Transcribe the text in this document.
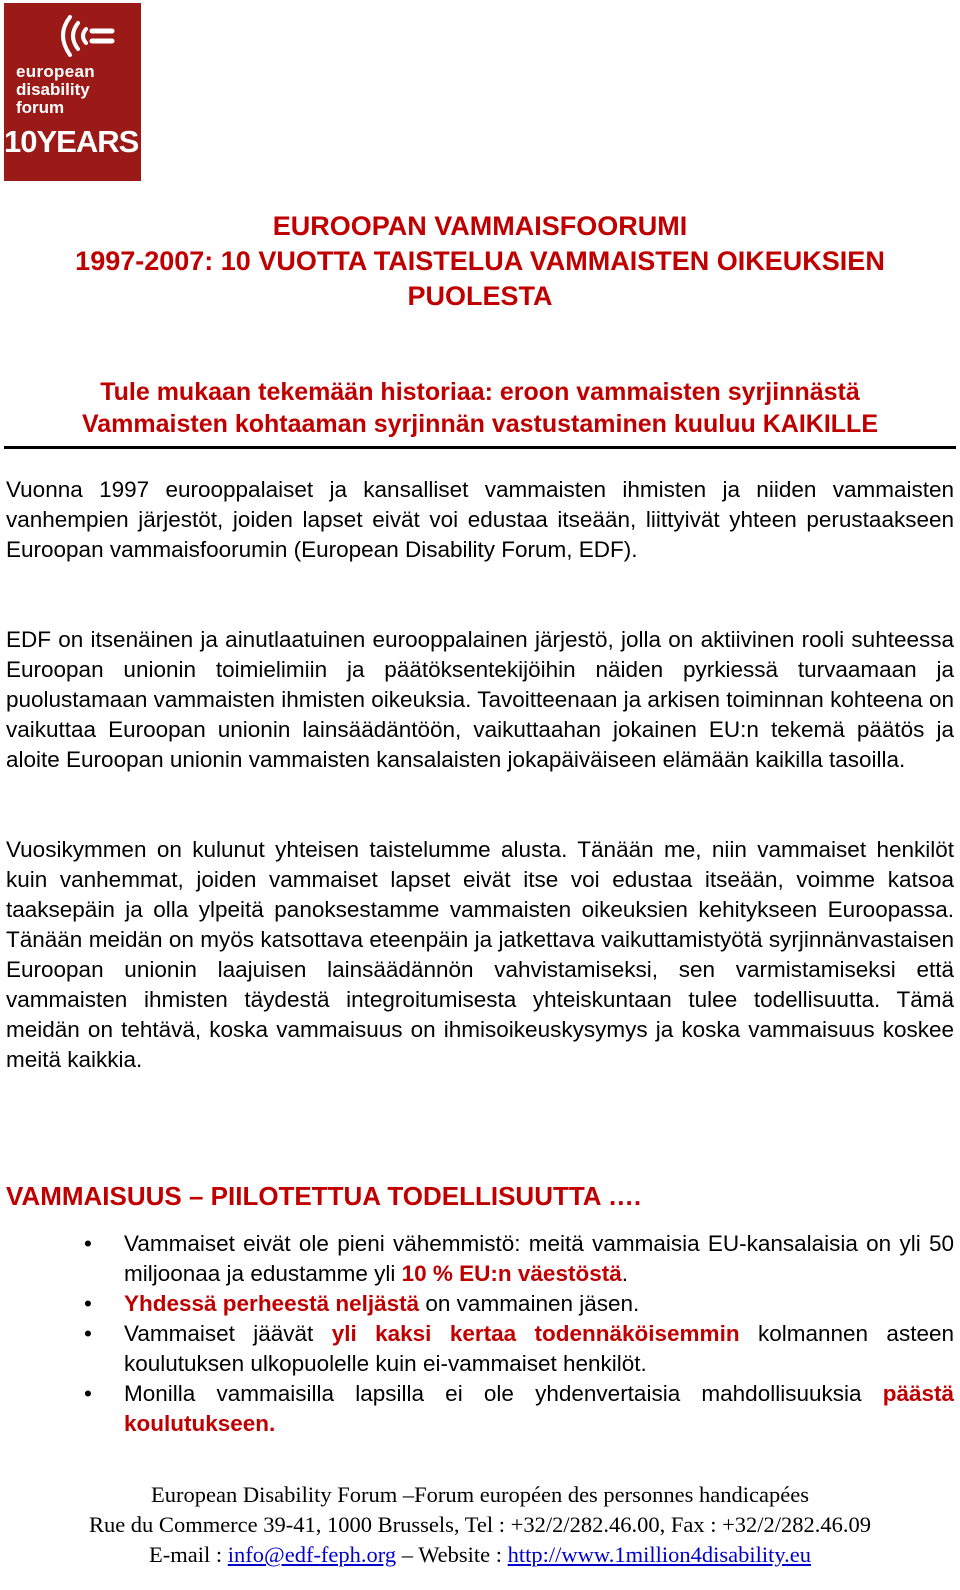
european
disability
forum
10YEARS
EUROOPAN VAMMAISFOORUMI
1997-2007: 10 VUOTTA TAISTELUA VAMMAISTEN OIKEUKSIEN
PUOLESTA
Tule mukaan tekemään historiaa: eroon vammaisten syrjinnästä
Vammaisten kohtaaman syrjinnän vastustaminen kuuluu KAIKILLE
Vuonna 1997 eurooppalaiset ja kansalliset vammaisten ihmisten ja niiden vammaisten vanhempien järjestöt, joiden lapset eivät voi edustaa itseään, liittyivät yhteen perustaakseen Euroopan vammaisfoorumin (European Disability Forum, EDF).
EDF on itsenäinen ja ainutlaatuinen eurooppalainen järjestö, jolla on aktiivinen rooli suhteessa Euroopan unionin toimielimiin ja päätöksentekijöihin näiden pyrkiessä turvaamaan ja puolustamaan vammaisten ihmisten oikeuksia. Tavoitteenaan ja arkisen toiminnan kohteena on vaikuttaa Euroopan unionin lainsäädäntöön, vaikuttaahan jokainen EU:n tekemä päätös ja aloite Euroopan unionin vammaisten kansalaisten jokapäiväiseen elämään kaikilla tasoilla.
Vuosikymmen on kulunut yhteisen taistelumme alusta. Tänään me, niin vammaiset henkilöt kuin vanhemmat, joiden vammaiset lapset eivät itse voi edustaa itseään, voimme katsoa taaksepäin ja olla ylpeitä panoksestamme vammaisten oikeuksien kehitykseen Euroopassa. Tänään meidän on myös katsottava eteenpäin ja jatkettava vaikuttamistyötä syrjinnänvastaisen Euroopan unionin laajuisen lainsäädännön vahvistamiseksi, sen varmistamiseksi että vammaisten ihmisten täydestä integroitumisesta yhteiskuntaan tulee todellisuutta. Tämä meidän on tehtävä, koska vammaisuus on ihmisoikeuskysymys ja koska vammaisuus koskee meitä kaikkia.
VAMMAISUUS – PIILOTETTUA TODELLISUUTTA ….
• Vammaiset eivät ole pieni vähemmistö: meitä vammaisia EU-kansalaisia on yli 50 miljoonaa ja edustamme yli 10 % EU:n väestöstä.
• Yhdessä perheestä neljästä on vammainen jäsen.
• Vammaiset jäävät yli kaksi kertaa todennäköisemmin kolmannen asteen koulutuksen ulkopuolelle kuin ei-vammaiset henkilöt.
• Monilla vammaisilla lapsilla ei ole yhdenvertaisia mahdollisuuksia päästä koulutukseen.
European Disability Forum –Forum européen des personnes handicapées
Rue du Commerce 39-41, 1000 Brussels, Tel : +32/2/282.46.00, Fax : +32/2/282.46.09
E-mail : info@edf-feph.org – Website : http://www.1million4disability.eu
